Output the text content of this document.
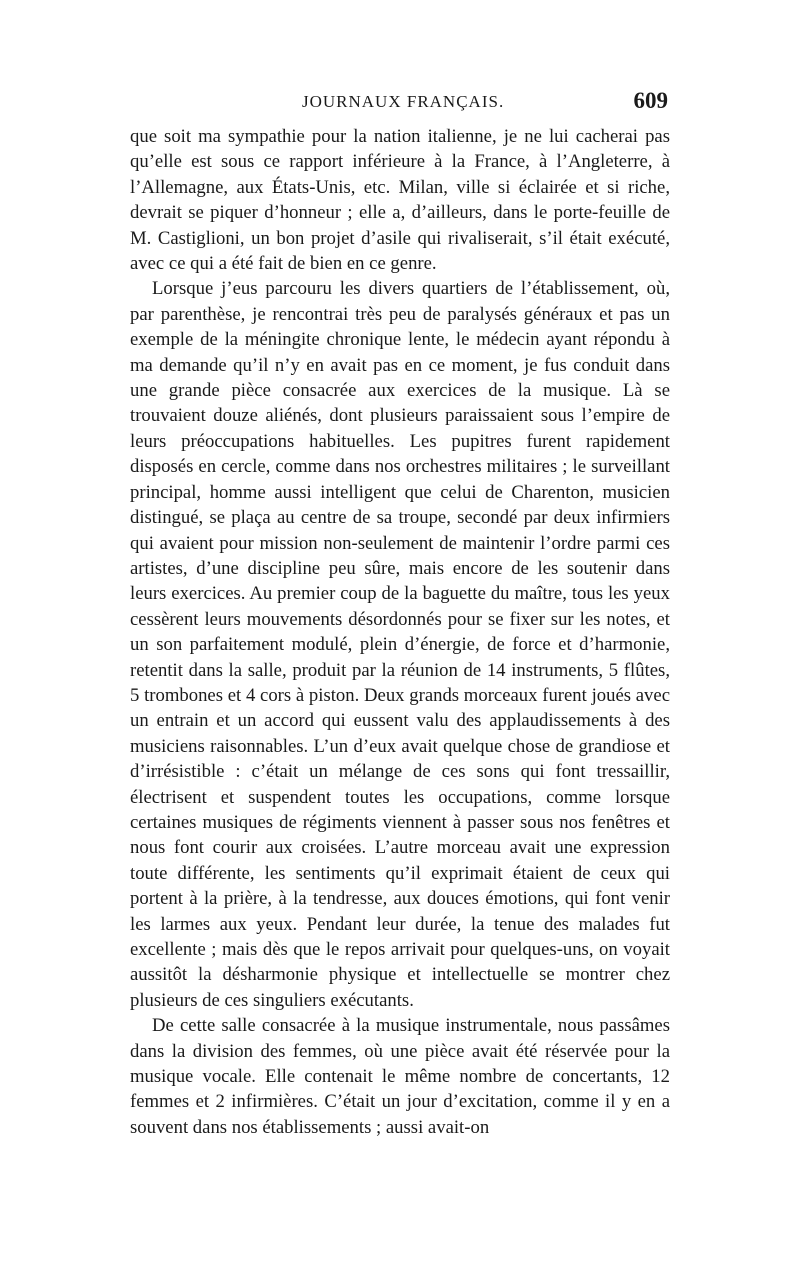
JOURNAUX FRANÇAIS.	609

que soit ma sympathie pour la nation italienne, je ne lui cacherai pas qu’elle est sous ce rapport inférieure à la France, à l’Angleterre, à l’Allemagne, aux États-Unis, etc. Milan, ville si éclairée et si riche, devrait se piquer d’honneur ; elle a, d’ailleurs, dans le porte-feuille de M. Castiglioni, un bon projet d’asile qui rivaliserait, s’il était exécuté, avec ce qui a été fait de bien en ce genre.

Lorsque j’eus parcouru les divers quartiers de l’établissement, où, par parenthèse, je rencontrai très peu de paralysés généraux et pas un exemple de la méningite chronique lente, le médecin ayant répondu à ma demande qu’il n’y en avait pas en ce moment, je fus conduit dans une grande pièce consacrée aux exercices de la musique. Là se trouvaient douze aliénés, dont plusieurs paraissaient sous l’empire de leurs préoccupations habituelles. Les pupitres furent rapidement disposés en cercle, comme dans nos orchestres militaires ; le surveillant principal, homme aussi intelligent que celui de Charenton, musicien distingué, se plaça au centre de sa troupe, secondé par deux infirmiers qui avaient pour mission non-seulement de maintenir l’ordre parmi ces artistes, d’une discipline peu sûre, mais encore de les soutenir dans leurs exercices. Au premier coup de la baguette du maître, tous les yeux cessèrent leurs mouvements désordonnés pour se fixer sur les notes, et un son parfaitement modulé, plein d’énergie, de force et d’harmonie, retentit dans la salle, produit par la réunion de 14 instruments, 5 flûtes, 5 trombones et 4 cors à piston. Deux grands morceaux furent joués avec un entrain et un accord qui eussent valu des applaudissements à des musiciens raisonnables. L’un d’eux avait quelque chose de grandiose et d’irrésistible : c’était un mélange de ces sons qui font tressaillir, électrisent et suspendent toutes les occupations, comme lorsque certaines musiques de régiments viennent à passer sous nos fenêtres et nous font courir aux croisées. L’autre morceau avait une expression toute différente, les sentiments qu’il exprimait étaient de ceux qui portent à la prière, à la tendresse, aux douces émotions, qui font venir les larmes aux yeux. Pendant leur durée, la tenue des malades fut excellente ; mais dès que le repos arrivait pour quelques-uns, on voyait aussitôt la désharmonie physique et intellectuelle se montrer chez plusieurs de ces singuliers exécutants.

De cette salle consacrée à la musique instrumentale, nous passâmes dans la division des femmes, où une pièce avait été réservée pour la musique vocale. Elle contenait le même nombre de concertants, 12 femmes et 2 infirmières. C’était un jour d’excitation, comme il y en a souvent dans nos établissements ; aussi avait-on
